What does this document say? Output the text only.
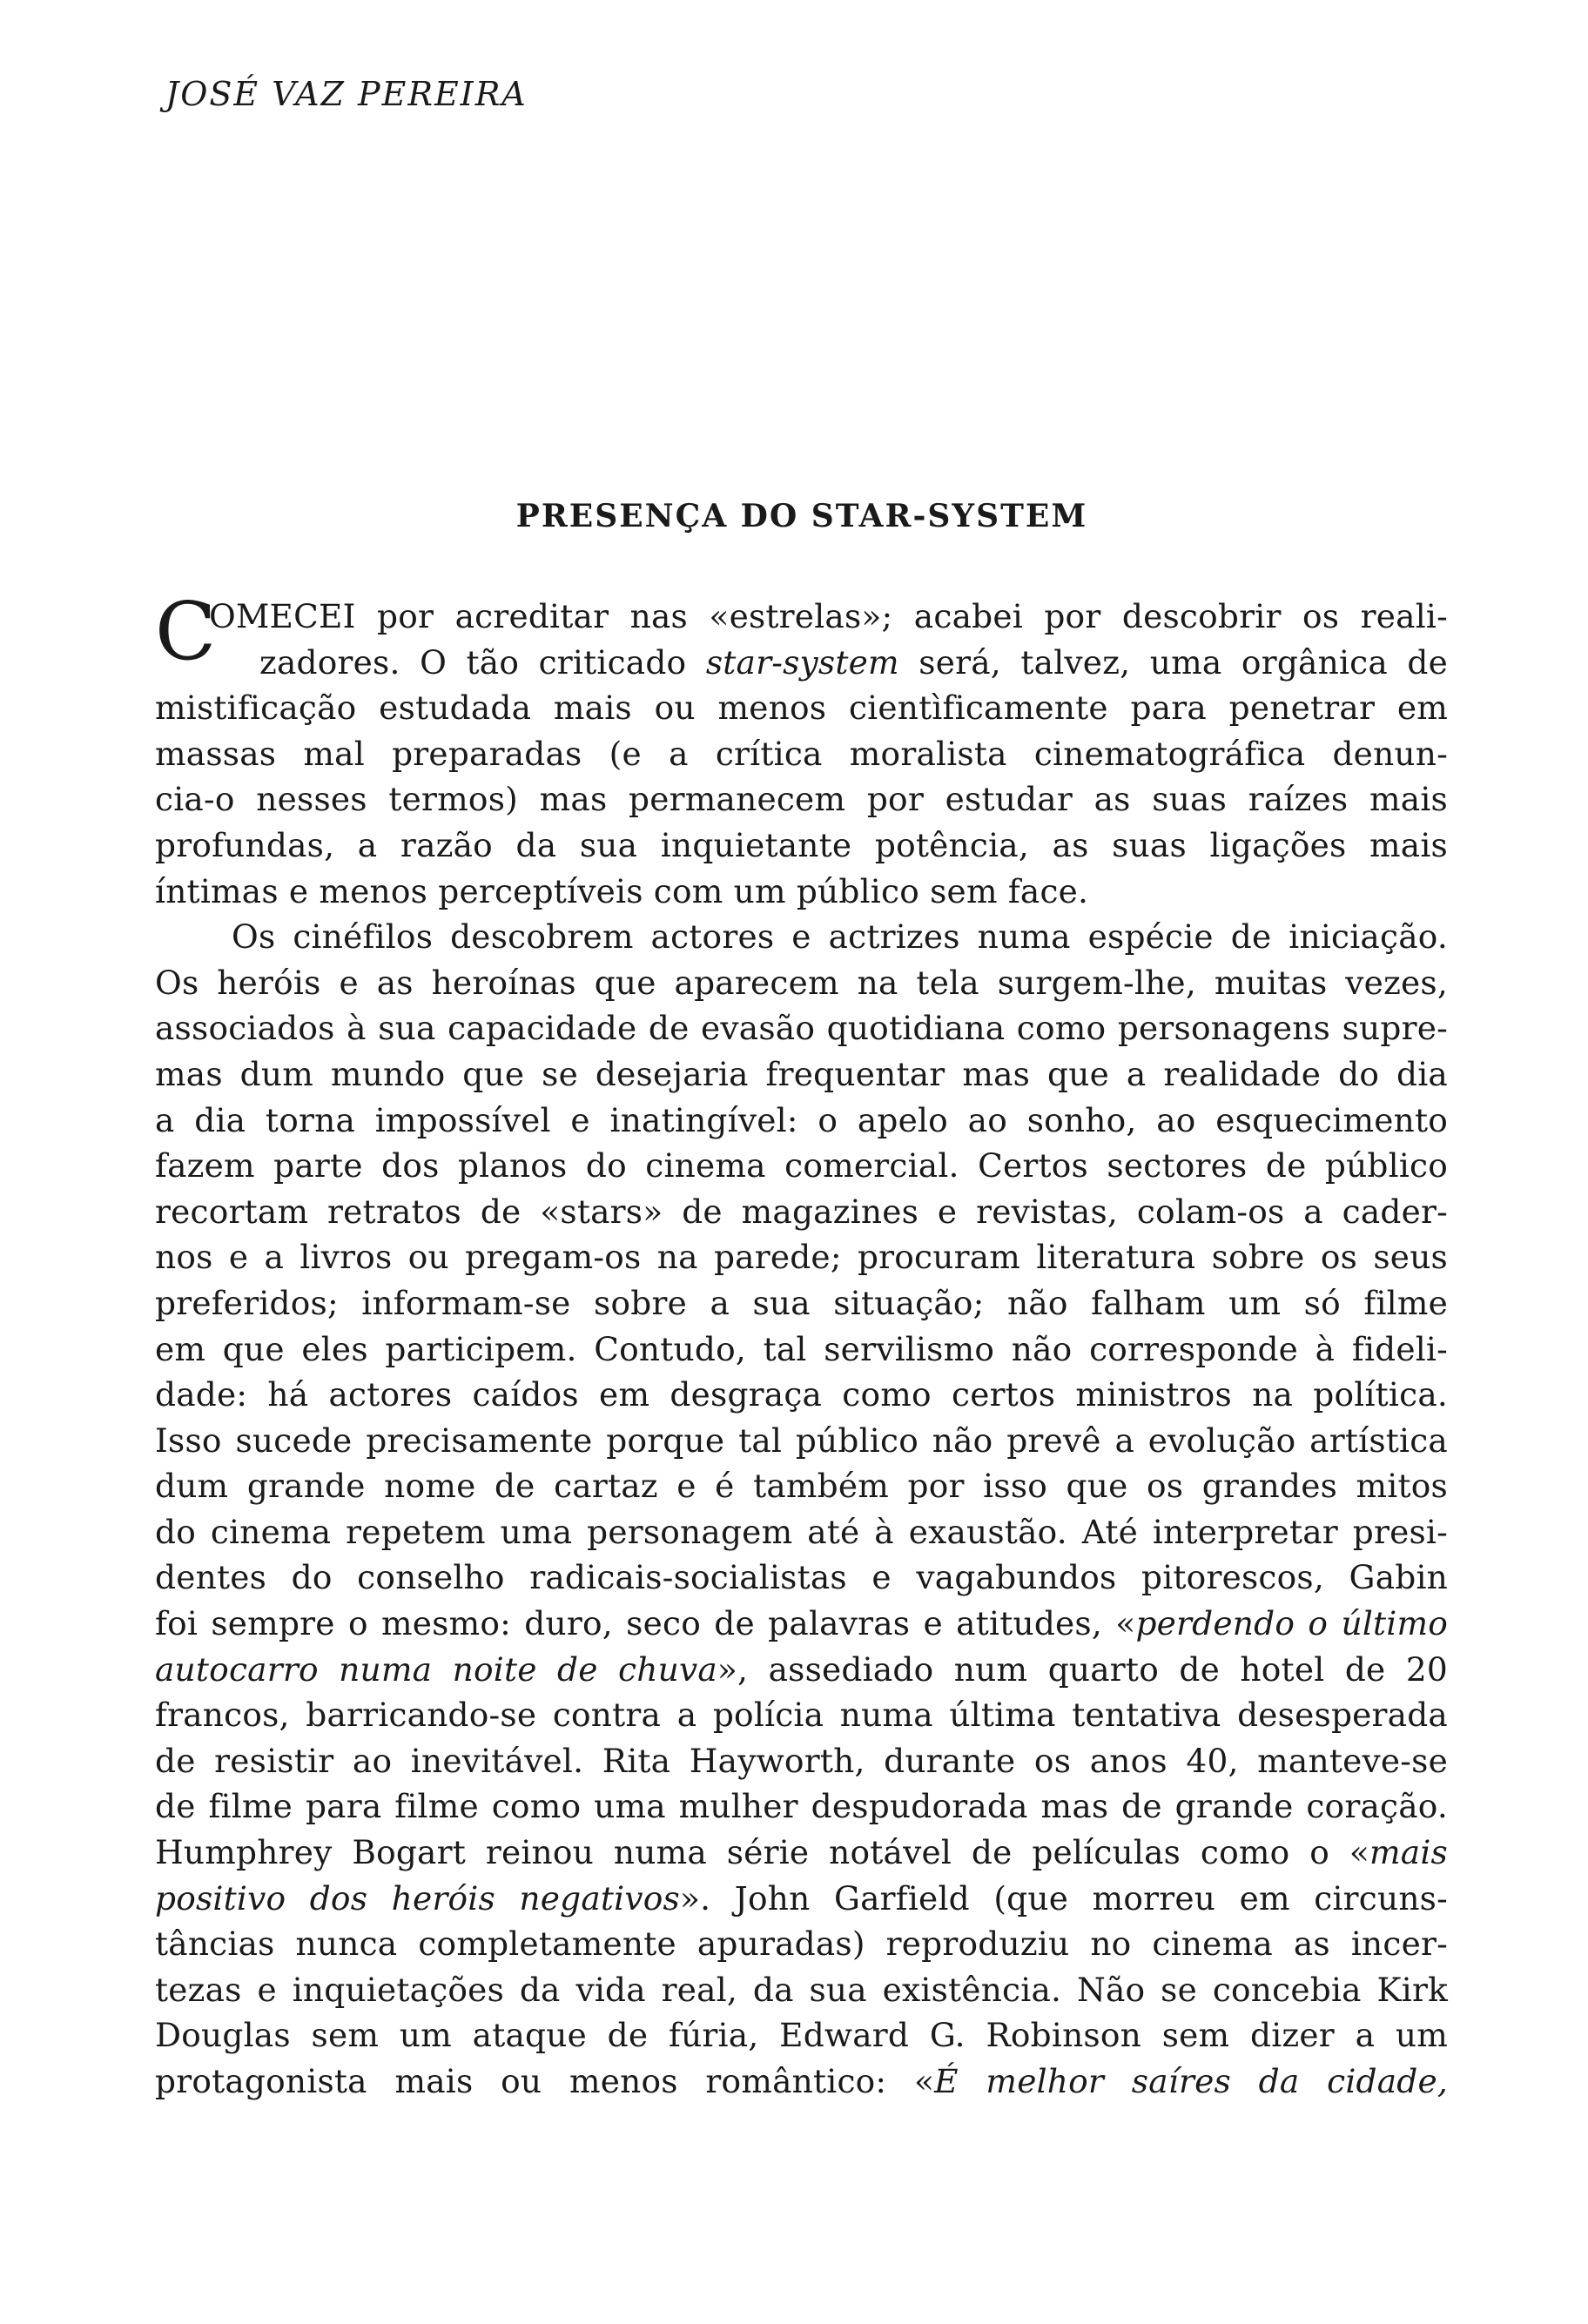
JOSÉ VAZ PEREIRA
PRESENÇA DO STAR-SYSTEM
C
OMECEI por acreditar nas «estrelas»; acabei por descobrir os reali-
zadores. O tão criticado star-system será, talvez, uma orgânica de
mistificação estudada mais ou menos cientìficamente para penetrar em
massas mal preparadas (e a crítica moralista cinematográfica denun-
cia-o nesses termos) mas permanecem por estudar as suas raízes mais
profundas, a razão da sua inquietante potência, as suas ligações mais
íntimas e menos perceptíveis com um público sem face.
Os cinéfilos descobrem actores e actrizes numa espécie de iniciação.
Os heróis e as heroínas que aparecem na tela surgem-lhe, muitas vezes,
associados à sua capacidade de evasão quotidiana como personagens supre-
mas dum mundo que se desejaria frequentar mas que a realidade do dia
a dia torna impossível e inatingível: o apelo ao sonho, ao esquecimento
fazem parte dos planos do cinema comercial. Certos sectores de público
recortam retratos de «stars» de magazines e revistas, colam-os a cader-
nos e a livros ou pregam-os na parede; procuram literatura sobre os seus
preferidos; informam-se sobre a sua situação; não falham um só filme
em que eles participem. Contudo, tal servilismo não corresponde à fideli-
dade: há actores caídos em desgraça como certos ministros na política.
Isso sucede precisamente porque tal público não prevê a evolução artística
dum grande nome de cartaz e é também por isso que os grandes mitos
do cinema repetem uma personagem até à exaustão. Até interpretar presi-
dentes do conselho radicais-socialistas e vagabundos pitorescos, Gabin
foi sempre o mesmo: duro, seco de palavras e atitudes, «perdendo o último
autocarro numa noite de chuva», assediado num quarto de hotel de 20
francos, barricando-se contra a polícia numa última tentativa desesperada
de resistir ao inevitável. Rita Hayworth, durante os anos 40, manteve-se
de filme para filme como uma mulher despudorada mas de grande coração.
Humphrey Bogart reinou numa série notável de películas como o «mais
positivo dos heróis negativos». John Garfield (que morreu em circuns-
tâncias nunca completamente apuradas) reproduziu no cinema as incer-
tezas e inquietações da vida real, da sua existência. Não se concebia Kirk
Douglas sem um ataque de fúria, Edward G. Robinson sem dizer a um
protagonista mais ou menos romântico: «É melhor saíres da cidade,
